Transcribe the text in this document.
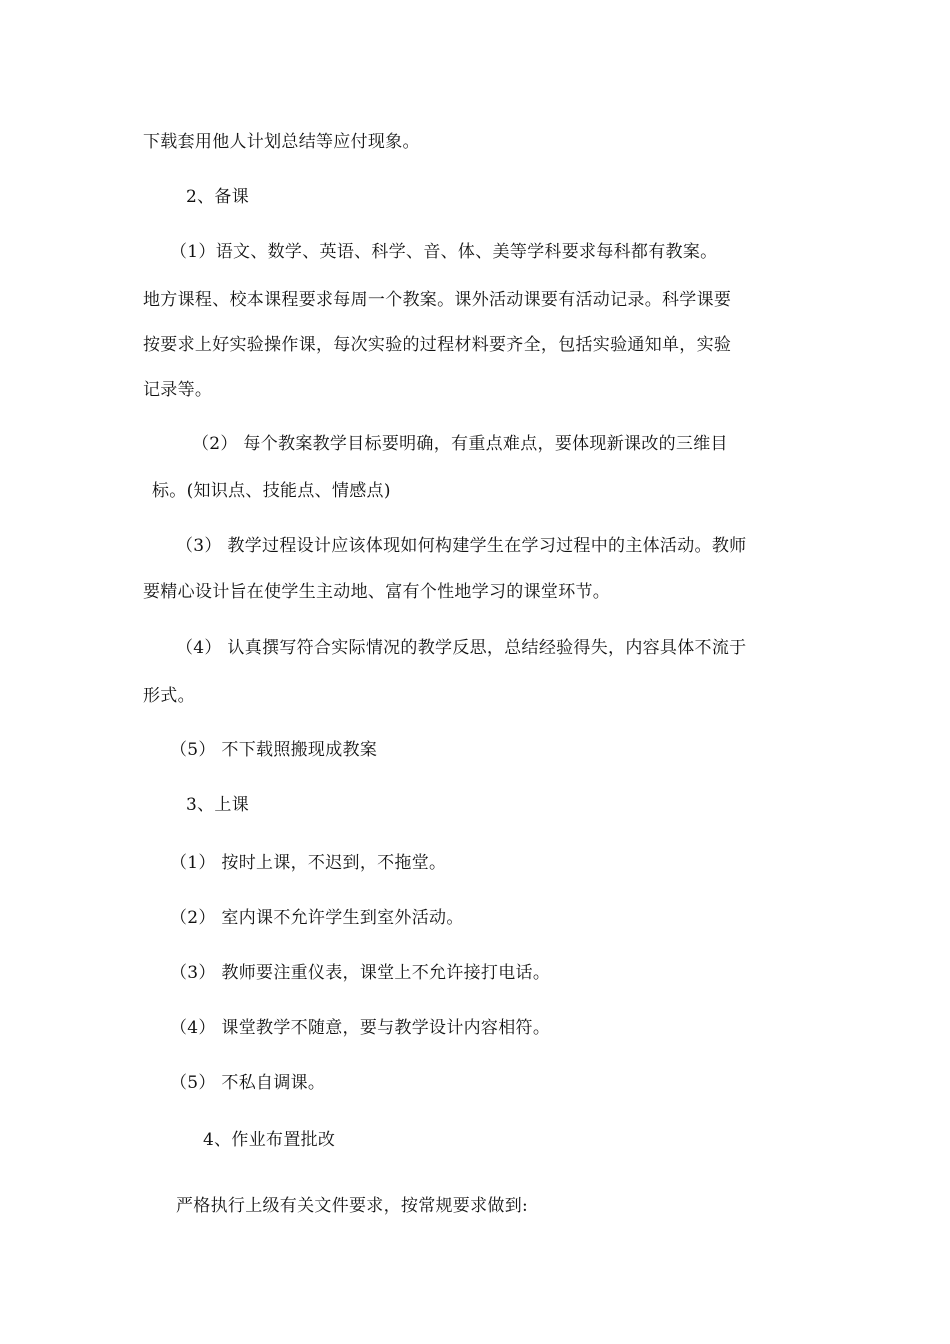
下载套用他人计划总结等应付现象。
2、备课
（1）语文、数学、英语、科学、音、体、美等学科要求每科都有教案。
地方课程、校本课程要求每周一个教案。课外活动课要有活动记录。科学课要
按要求上好实验操作课，每次实验的过程材料要齐全，包括实验通知单，实验
记录等。
（2） 每个教案教学目标要明确，有重点难点，要体现新课改的三维目
标。(知识点、技能点、情感点)
（3） 教学过程设计应该体现如何构建学生在学习过程中的主体活动。教师
要精心设计旨在使学生主动地、富有个性地学习的课堂环节。
（4） 认真撰写符合实际情况的教学反思，总结经验得失，内容具体不流于
形式。
（5） 不下载照搬现成教案
3、上课
（1） 按时上课，不迟到，不拖堂。
（2） 室内课不允许学生到室外活动。
（3） 教师要注重仪表，课堂上不允许接打电话。
（4） 课堂教学不随意，要与教学设计内容相符。
（5） 不私自调课。
4、作业布置批改
严格执行上级有关文件要求，按常规要求做到:
